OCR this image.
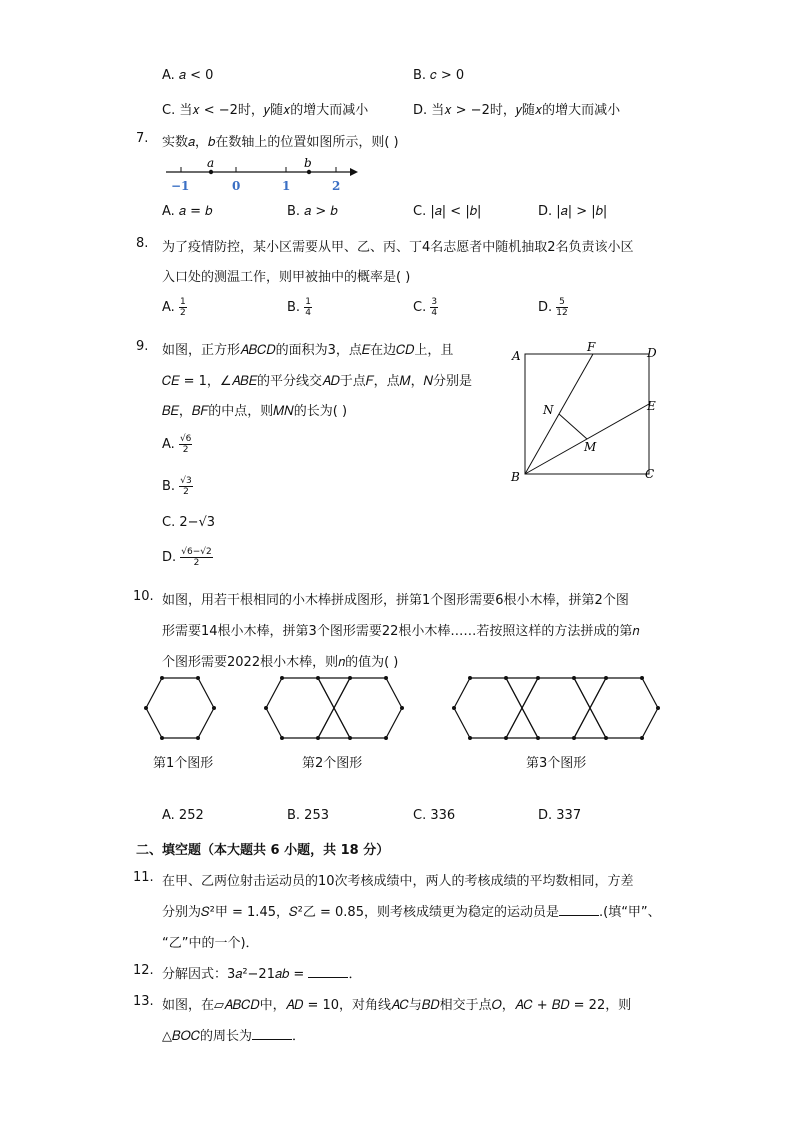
A. 𝑎 < 0	B. 𝑐 > 0
C. 当𝑥 < −2时，𝑦随𝑥的增大而减小	D. 当𝑥 > −2时，𝑦随𝑥的增大而减小
7. 实数𝑎，𝑏在数轴上的位置如图所示，则( )
𝑎	𝑏
−1	0	1	2
A. 𝑎 = 𝑏	B. 𝑎 > 𝑏	C. |𝑎| < |𝑏|	D. |𝑎| > |𝑏|
8. 为了疫情防控，某小区需要从甲、乙、丙、丁4名志愿者中随机抽取2名负责该小区
入口处的测温工作，则甲被抽中的概率是( )
A. $\frac{1}{2}$	B. $\frac{1}{4}$	C. $\frac{3}{4}$	D. $\frac{5}{12}$
9. 如图，正方形𝐴𝐵𝐶𝐷的面积为3，点𝐸在边𝐶𝐷上，且
𝐶𝐸 = 1，∠𝐴𝐵𝐸的平分线交𝐴𝐷于点𝐹，点𝑀，𝑁分别是
𝐵𝐸，𝐵𝐹的中点，则𝑀𝑁的长为( )
A. $\frac{√6}{2}$
B. $\frac{√3}{2}$
C. 2−√3
D. $\frac{√6-√2}{2}$
A
F	D
E
N
M
B	C
10. 如图，用若干根相同的小木棒拼成图形，拼第1个图形需要6根小木棒，拼第2个图
形需要14根小木棒，拼第3个图形需要22根小木棒……若按照这样的方法拼成的第𝑛
个图形需要2022根小木棒，则𝑛的值为( )
第1个图形	第2个图形	第3个图形
A. 252	B. 253	C. 336	D. 337
二、填空题（本大题共 6 小题，共 18 分）
11. 在甲、乙两位射击运动员的10次考核成绩中，两人的考核成绩的平均数相同，方差
分别为𝑆²甲 = 1.45，𝑆²乙 = 0.85，则考核成绩更为稳定的运动员是	.(填“甲”、
“乙”中的一个)．
12. 分解因式：3𝑎²−21𝑎𝑏 =	．
13. 如图，在▱𝐴𝐵𝐶𝐷中，𝐴𝐷 = 10，对角线𝐴𝐶与𝐵𝐷相交于点𝑂，𝐴𝐶 + 𝐵𝐷 = 22，则
△𝐵𝑂𝐶的周长为	．
